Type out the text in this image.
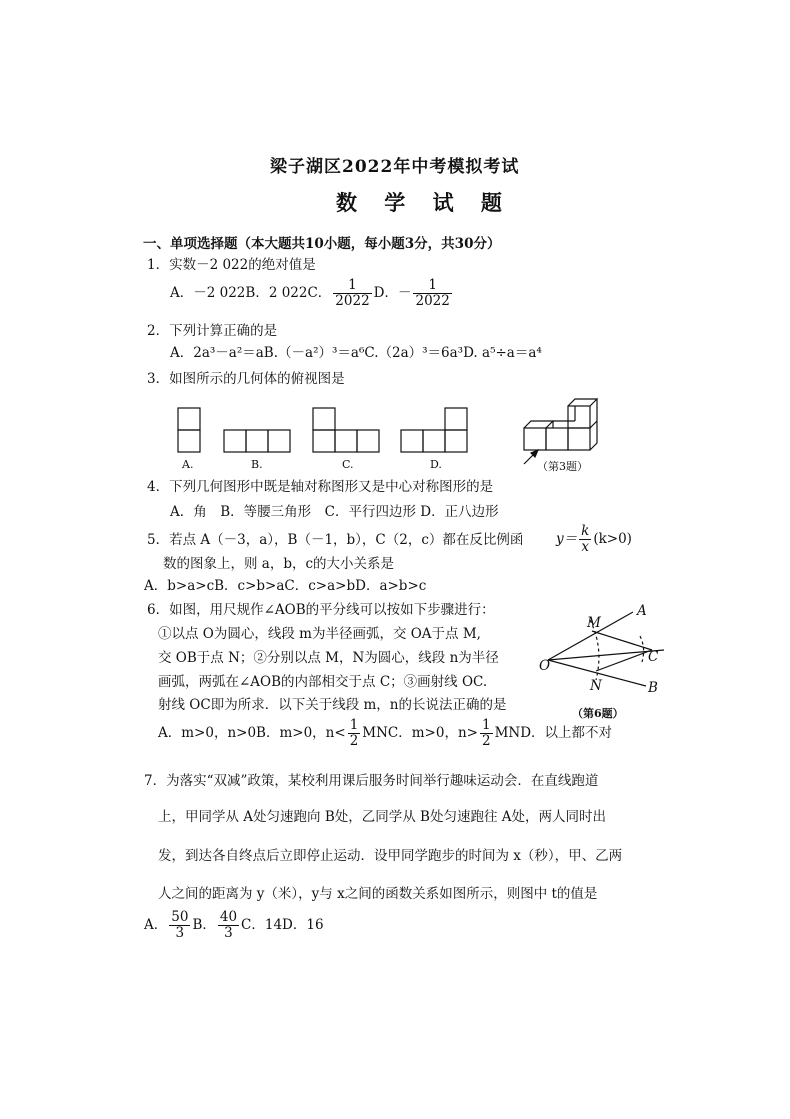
梁子湖区2022年中考模拟考试
数 学 试 题
一、单项选择题（本大题共10小题，每小题3分，共30分）
1．实数－2 022的绝对值是
A．－2 022B．2 022C． $\frac{1}{2022}$ D．－ $\frac{1}{2022}$
2．下列计算正确的是
A．2a³－a²＝aB.（－a²）³＝a⁶C.（2a）³＝6a³D. a⁵÷a＝a⁴
3．如图所示的几何体的俯视图是
A.	B.	C.	D.	（第3题）
4．下列几何图形中既是轴对称图形又是中心对称图形的是
A．角　B．等腰三角形　C．平行四边形 D．正八边形
5．若点 A（－3，a），B（－1，b），C（2，c）都在反比例函 $y= \frac{k}{x} (k>0)$
数的图象上，则 a，b，c的大小关系是
A．b>a>cB．c>b>aC．c>a>bD．a>b>c
6．如图，用尺规作∠AOB的平分线可以按如下步骤进行：
①以点 O为圆心，线段 m为半径画弧，交 OA于点 M,
交 OB于点 N；②分别以点 M，N为圆心，线段 n为半径
画弧，两弧在∠AOB的内部相交于点 C；③画射线 OC.
射线 OC即为所求．以下关于线段 m，n的长说法正确的是
A．m>0，n>0B．m>0，$n< \frac{1}{2}$ MNC．m>0，$n> \frac{1}{2}$ MND．以上都不对
A
B
M
N
O
C
（第6题）
7．为落实“双减”政策，某校利用课后服务时间举行趣味运动会．在直线跑道
上，甲同学从 A处匀速跑向 B处，乙同学从 B处匀速跑往 A处，两人同时出
发，到达各自终点后立即停止运动．设甲同学跑步的时间为 x（秒），甲、乙两
人之间的距离为 y（米），y与 x之间的函数关系如图所示，则图中 t的值是
A． $\frac{50}{3}$ B． $\frac{40}{3}$ C．14D．16
